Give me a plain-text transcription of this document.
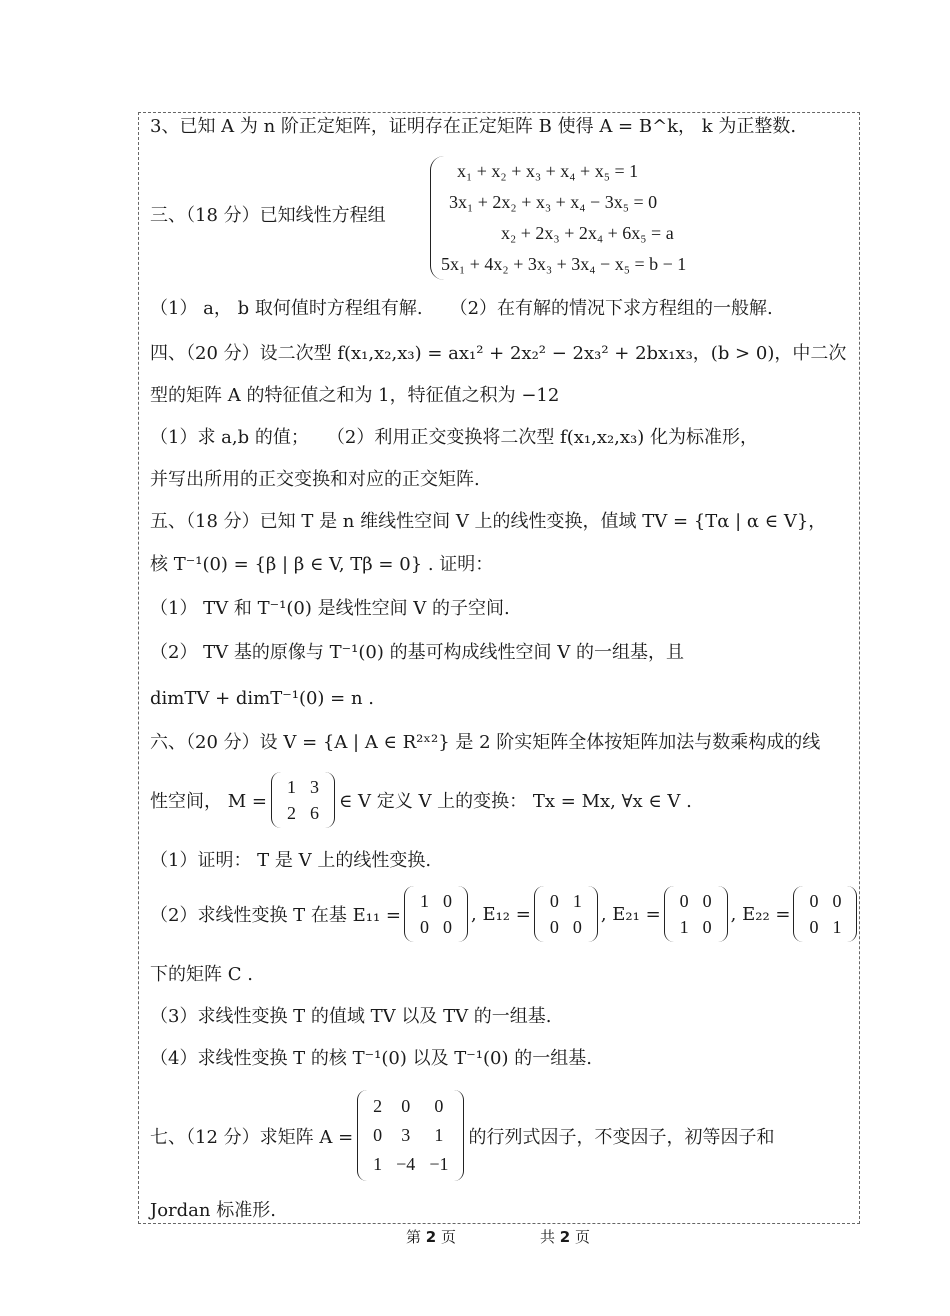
3、已知 A 为 n 阶正定矩阵，证明存在正定矩阵 B 使得 A = B^k， k 为正整数.
三、（18 分）已知线性方程组
x₁ + x₂ + x₃ + x₄ + x₅ = 1
3x₁ + 2x₂ + x₃ + x₄ − 3x₅ = 0
x₂ + 2x₃ + 2x₄ + 6x₅ = a
5x₁ + 4x₂ + 3x₃ + 3x₄ − x₅ = b − 1
（1） a， b 取何值时方程组有解.　　（2）在有解的情况下求方程组的一般解.
四、（20 分）设二次型 f(x₁,x₂,x₃) = ax₁² + 2x₂² − 2x₃² + 2bx₁x₃，(b > 0)，中二次
型的矩阵 A 的特征值之和为 1，特征值之积为 −12
（1）求 a,b 的值；　　（2）利用正交变换将二次型 f(x₁,x₂,x₃) 化为标准形，
并写出所用的正交变换和对应的正交矩阵.
五、（18 分）已知 T 是 n 维线性空间 V 上的线性变换，值域 TV = {Tα | α ∈ V}，
核 T⁻¹(0) = {β | β ∈ V, Tβ = 0} . 证明：
（1） TV 和 T⁻¹(0) 是线性空间 V 的子空间.
（2） TV 基的原像与 T⁻¹(0) 的基可构成线性空间 V 的一组基，且
dimTV + dimT⁻¹(0) = n .
六、（20 分）设 V = {A | A ∈ R²ˣ²} 是 2 阶实矩阵全体按矩阵加法与数乘构成的线
性空间， M =
1	3
2	6
∈ V 定义 V 上的变换： Tx = Mx, ∀x ∈ V .
（1）证明： T 是 V 上的线性变换.
（2）求线性变换 T 在基 E₁₁ =
1	0
0	0
, E₁₂ =
0	1
0	0
, E₂₁ =
0	0
1	0
, E₂₂ =
0	0
0	1
下的矩阵 C .
（3）求线性变换 T 的值域 TV 以及 TV 的一组基.
（4）求线性变换 T 的核 T⁻¹(0) 以及 T⁻¹(0) 的一组基.
七、（12 分）求矩阵 A =
2	0	0
0	3	1
1	−4	−1
的行列式因子，不变因子，初等因子和
Jordan 标准形.
第 2 页	共 2 页
